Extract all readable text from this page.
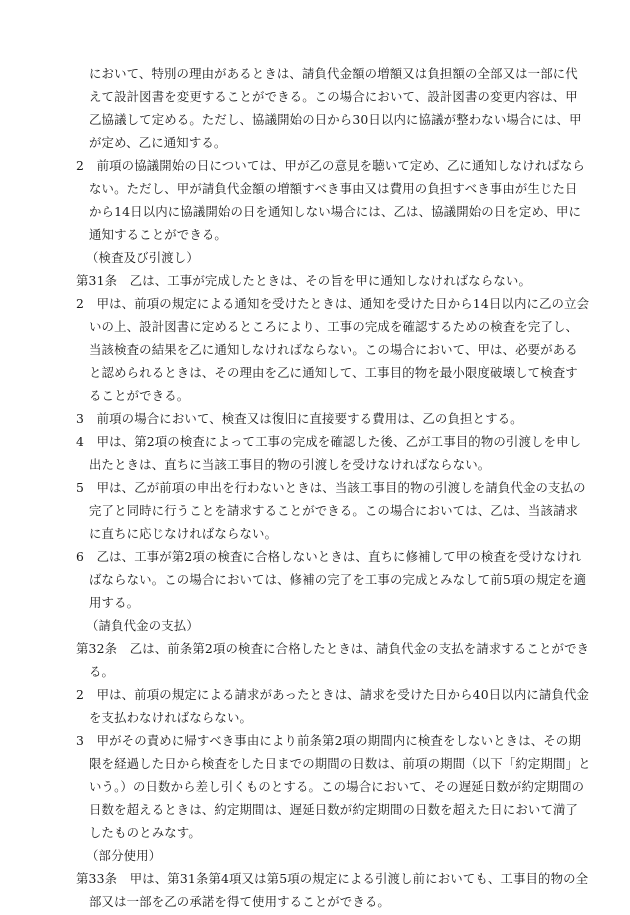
において、特別の理由があるときは、請負代金額の増額又は負担額の全部又は一部に代
えて設計図書を変更することができる。この場合において、設計図書の変更内容は、甲
乙協議して定める。ただし、協議開始の日から30日以内に協議が整わない場合には、甲
が定め、乙に通知する。
2　前項の協議開始の日については、甲が乙の意見を聴いて定め、乙に通知しなければなら
ない。ただし、甲が請負代金額の増額すべき事由又は費用の負担すべき事由が生じた日
から14日以内に協議開始の日を通知しない場合には、乙は、協議開始の日を定め、甲に
通知することができる。
（検査及び引渡し）
第31条　乙は、工事が完成したときは、その旨を甲に通知しなければならない。
2　甲は、前項の規定による通知を受けたときは、通知を受けた日から14日以内に乙の立会
いの上、設計図書に定めるところにより、工事の完成を確認するための検査を完了し、
当該検査の結果を乙に通知しなければならない。この場合において、甲は、必要がある
と認められるときは、その理由を乙に通知して、工事目的物を最小限度破壊して検査す
ることができる。
3　前項の場合において、検査又は復旧に直接要する費用は、乙の負担とする。
4　甲は、第2項の検査によって工事の完成を確認した後、乙が工事目的物の引渡しを申し
出たときは、直ちに当該工事目的物の引渡しを受けなければならない。
5　甲は、乙が前項の申出を行わないときは、当該工事目的物の引渡しを請負代金の支払の
完了と同時に行うことを請求することができる。この場合においては、乙は、当該請求
に直ちに応じなければならない。
6　乙は、工事が第2項の検査に合格しないときは、直ちに修補して甲の検査を受けなけれ
ばならない。この場合においては、修補の完了を工事の完成とみなして前5項の規定を適
用する。
（請負代金の支払）
第32条　乙は、前条第2項の検査に合格したときは、請負代金の支払を請求することができ
る。
2　甲は、前項の規定による請求があったときは、請求を受けた日から40日以内に請負代金
を支払わなければならない。
3　甲がその責めに帰すべき事由により前条第2項の期間内に検査をしないときは、その期
限を経過した日から検査をした日までの期間の日数は、前項の期間（以下「約定期間」と
いう。）の日数から差し引くものとする。この場合において、その遅延日数が約定期間の
日数を超えるときは、約定期間は、遅延日数が約定期間の日数を超えた日において満了
したものとみなす。
（部分使用）
第33条　甲は、第31条第4項又は第5項の規定による引渡し前においても、工事目的物の全
部又は一部を乙の承諾を得て使用することができる。
